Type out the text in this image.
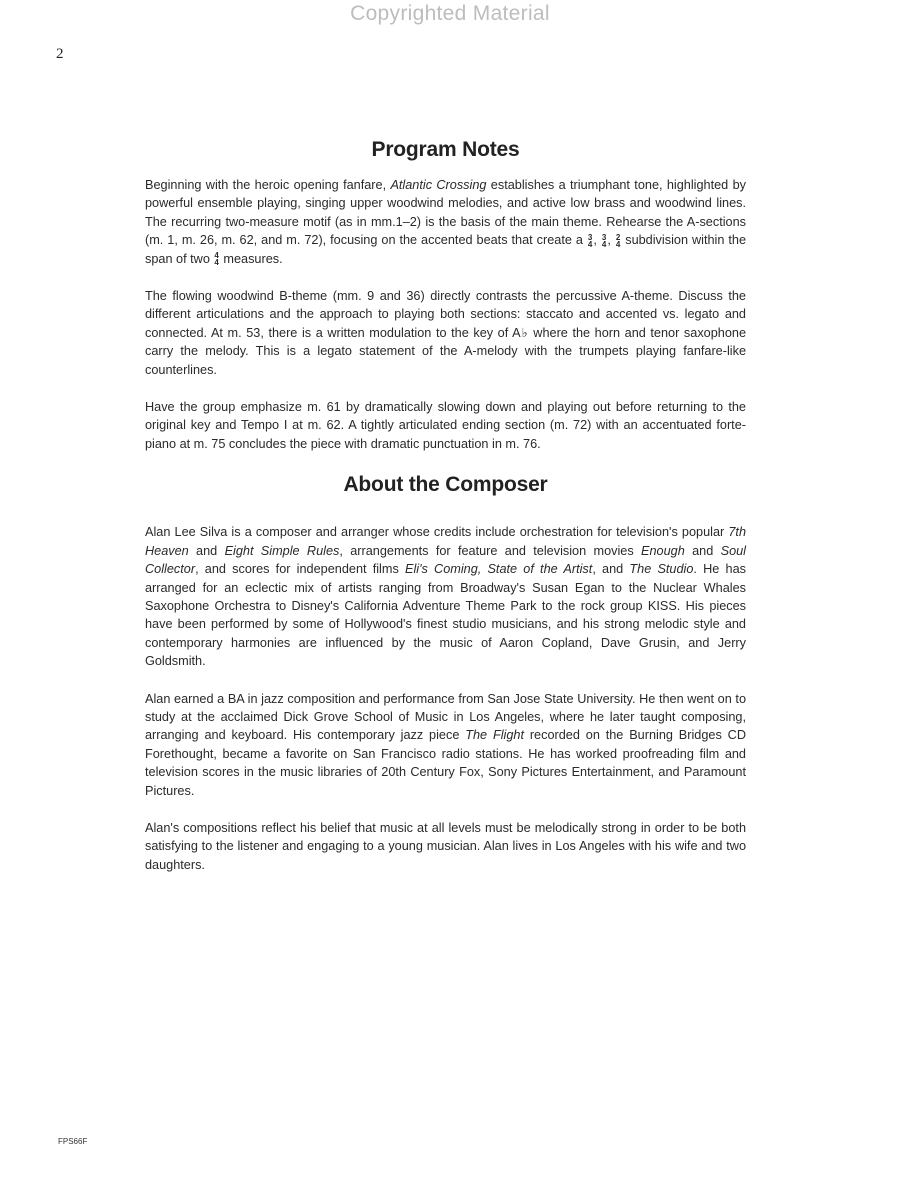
Copyrighted Material
2
Program Notes

Beginning with the heroic opening fanfare, Atlantic Crossing establishes a triumphant tone, highlighted by powerful ensemble playing, singing upper woodwind melodies, and active low brass and woodwind lines. The recurring two-measure motif (as in mm.1–2) is the basis of the main theme. Rehearse the A-sections (m. 1, m. 26, m. 62, and m. 72), focusing on the accented beats that create a 3
4 , 3
4 , 2
4 subdivision within the span of two 4
4 measures.

The flowing woodwind B-theme (mm. 9 and 36) directly contrasts the percussive A-theme. Discuss the different articulations and the approach to playing both sections: staccato and accented vs. legato and connected. At m. 53, there is a written modulation to the key of A♭ where the horn and tenor saxophone carry the melody. This is a legato statement of the A-melody with the trumpets playing fanfare-like counterlines.

Have the group emphasize m. 61 by dramatically slowing down and playing out before returning to the original key and Tempo I at m. 62. A tightly articulated ending section (m. 72) with an accentuated forte-piano at m. 75 concludes the piece with dramatic punctuation in m. 76.

About the Composer

Alan Lee Silva is a composer and arranger whose credits include orchestration for television's popular 7th Heaven and Eight Simple Rules, arrangements for feature and television movies Enough and Soul Collector, and scores for independent films Eli's Coming, State of the Artist, and The Studio. He has arranged for an eclectic mix of artists ranging from Broadway's Susan Egan to the Nuclear Whales Saxophone Orchestra to Disney's California Adventure Theme Park to the rock group KISS. His pieces have been performed by some of Hollywood's finest studio musicians, and his strong melodic style and contemporary harmonies are influenced by the music of Aaron Copland, Dave Grusin, and Jerry Goldsmith.

Alan earned a BA in jazz composition and performance from San Jose State University. He then went on to study at the acclaimed Dick Grove School of Music in Los Angeles, where he later taught composing, arranging and keyboard. His contemporary jazz piece The Flight recorded on the Burning Bridges CD Forethought, became a favorite on San Francisco radio stations. He has worked proofreading film and television scores in the music libraries of 20th Century Fox, Sony Pictures Entertainment, and Paramount Pictures.

Alan's compositions reflect his belief that music at all levels must be melodically strong in order to be both satisfying to the listener and engaging to a young musician. Alan lives in Los Angeles with his wife and two daughters.

FPS66F
